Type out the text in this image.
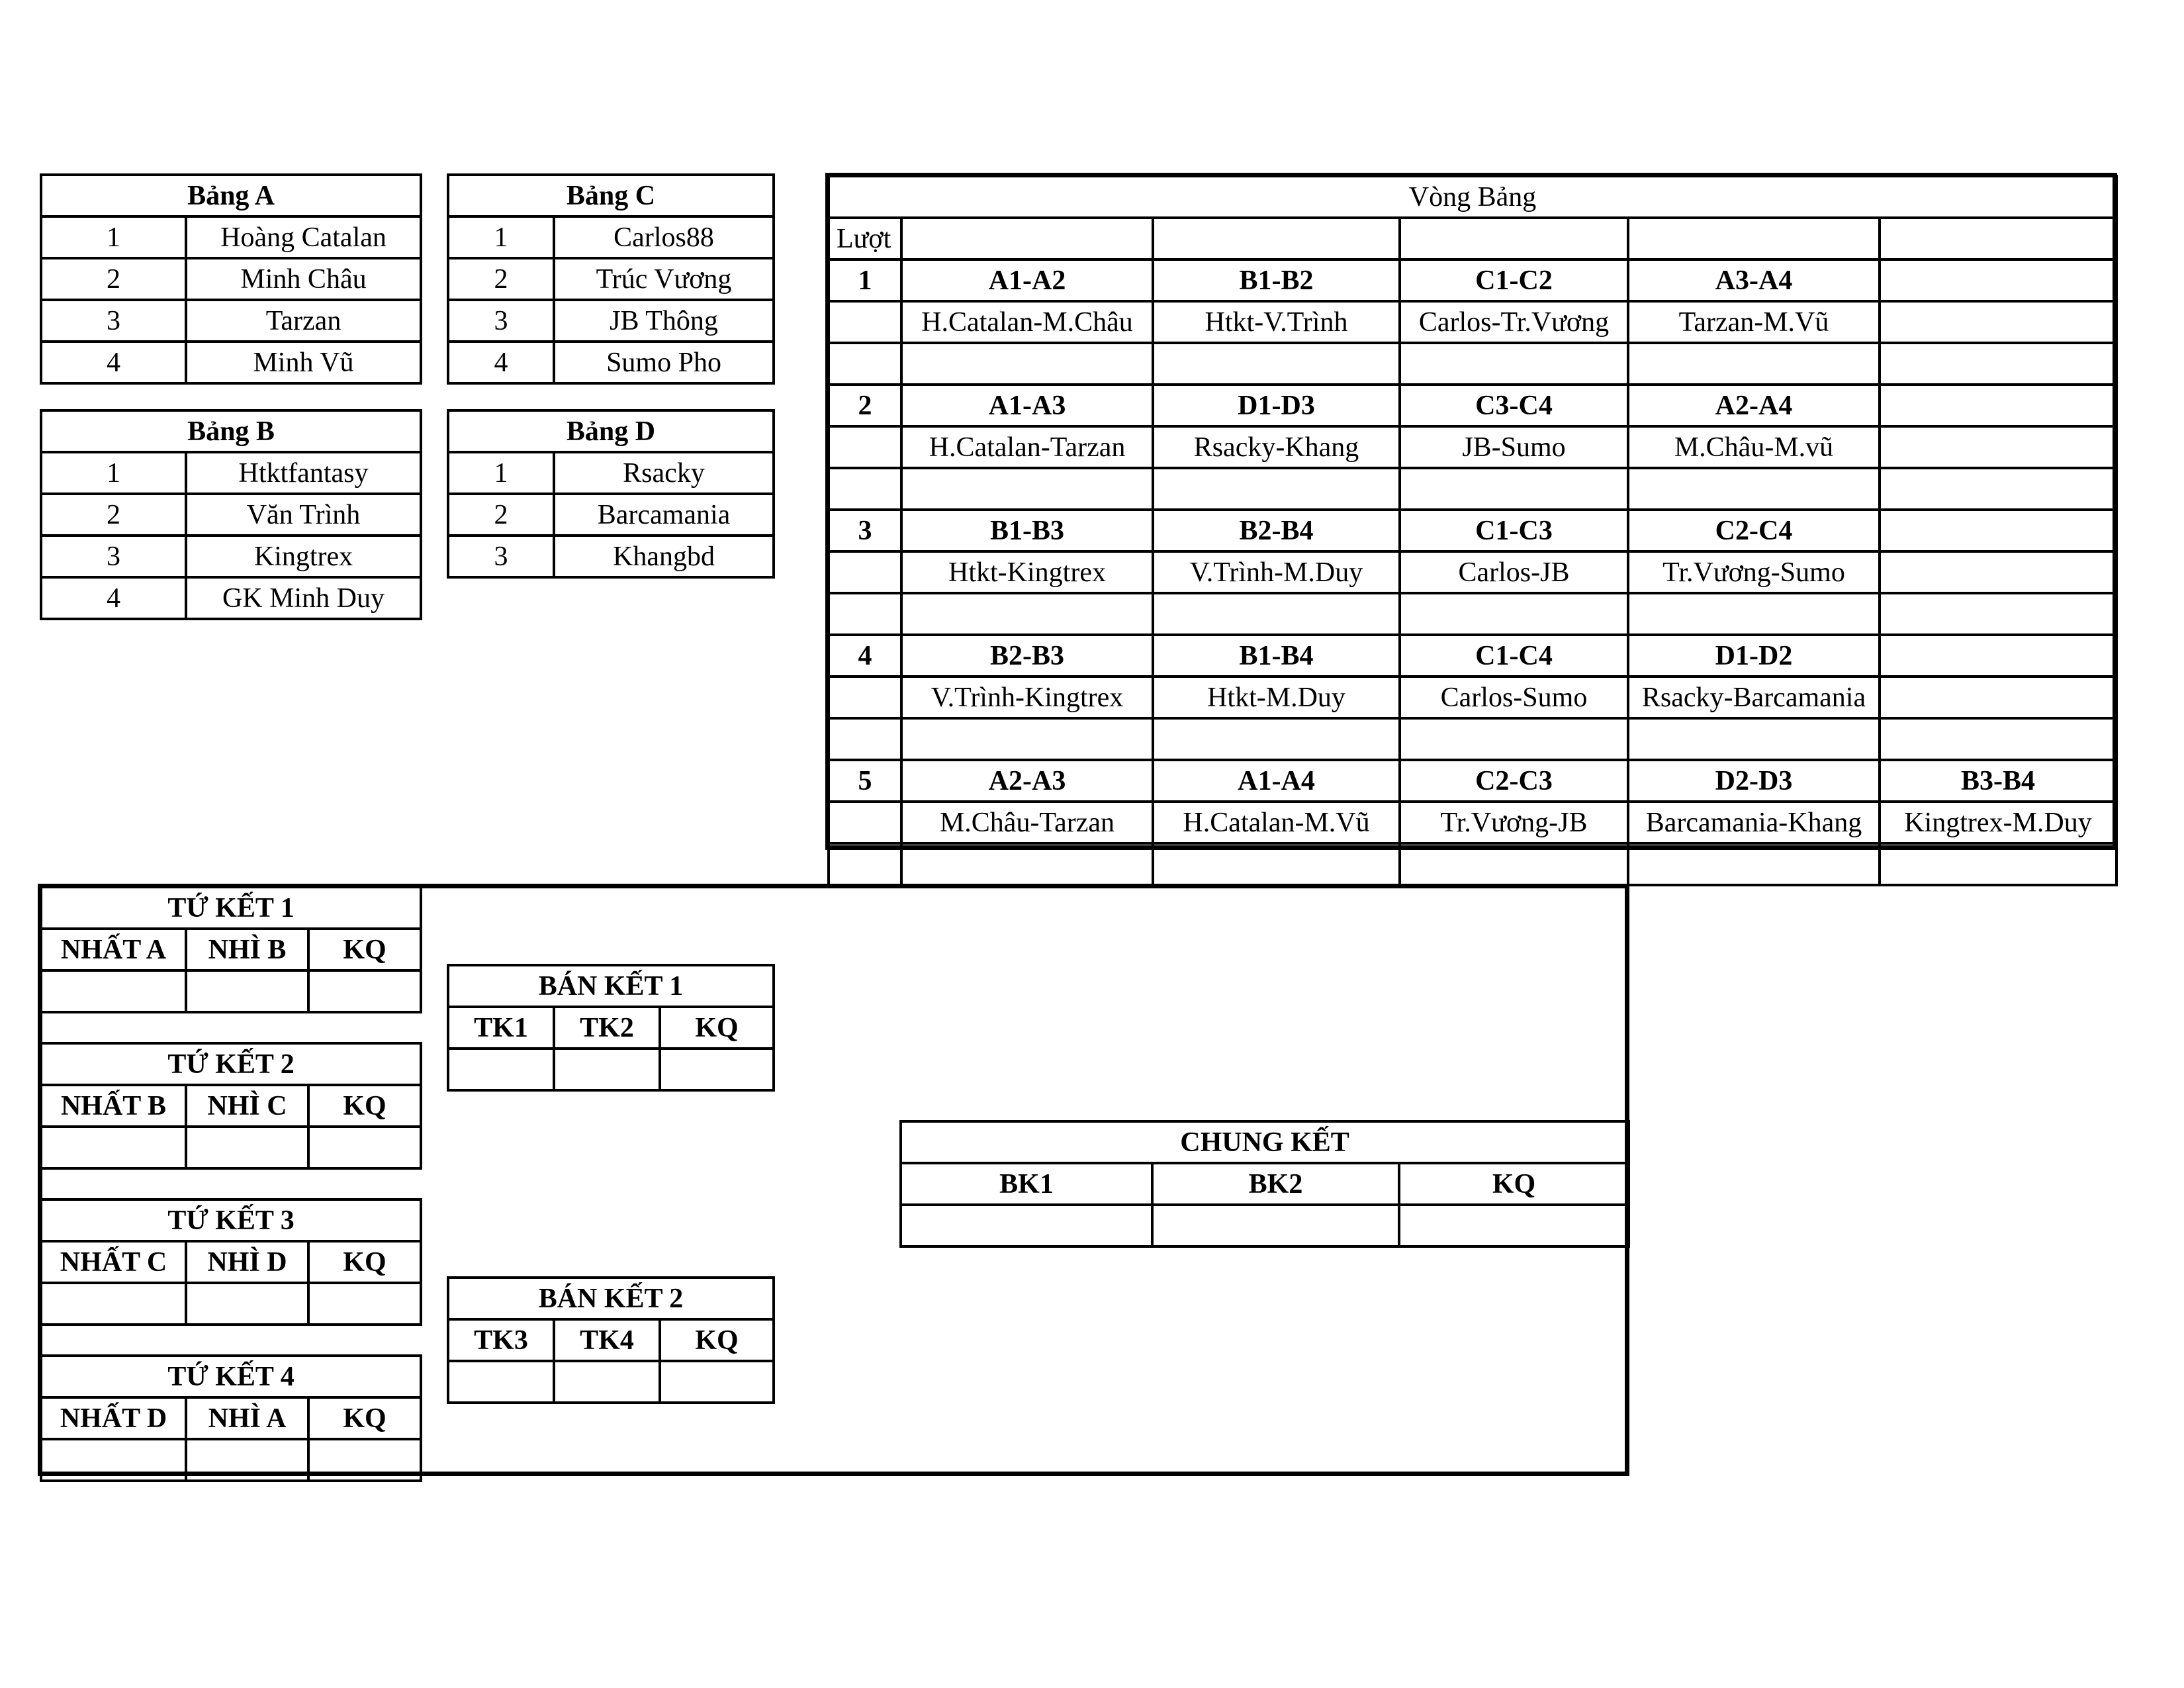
Bảng A	
1	Hoàng Catalan
2	Minh Châu
3	Tarzan
4	Minh Vũ
Bảng C	
1	Carlos88
2	Trúc Vương
3	JB Thông
4	Sumo Pho
Bảng B	
1	Htktfantasy
2	Văn Trình
3	Kingtrex
4	GK Minh Duy
Bảng D	
1	Rsacky
2	Barcamania
3	Khangbd
Vòng Bảng					
Lượt					
1	A1-A2	B1-B2	C1-C2	A3-A4	
	H.Catalan-M.Châu	Htkt-V.Trình	Carlos-Tr.Vương	Tarzan-M.Vũ	

2	A1-A3	D1-D3	C3-C4	A2-A4	
	H.Catalan-Tarzan	Rsacky-Khang	JB-Sumo	M.Châu-M.vũ	

3	B1-B3	B2-B4	C1-C3	C2-C4	
	Htkt-Kingtrex	V.Trình-M.Duy	Carlos-JB	Tr.Vương-Sumo	

4	B2-B3	B1-B4	C1-C4	D1-D2	
	V.Trình-Kingtrex	Htkt-M.Duy	Carlos-Sumo	Rsacky-Barcamania	

5	A2-A3	A1-A4	C2-C3	D2-D3	B3-B4
	M.Châu-Tarzan	H.Catalan-M.Vũ	Tr.Vương-JB	Barcamania-Khang	Kingtrex-M.Duy

TỨ KẾT 1		
NHẤT A	NHÌ B	KQ

TỨ KẾT 2		
NHẤT B	NHÌ C	KQ

TỨ KẾT 3		
NHẤT C	NHÌ D	KQ

TỨ KẾT 4		
NHẤT D	NHÌ A	KQ

BÁN KẾT 1		
TK1	TK2	KQ

BÁN KẾT 2		
TK3	TK4	KQ

CHUNG KẾT		
BK1	BK2	KQ
